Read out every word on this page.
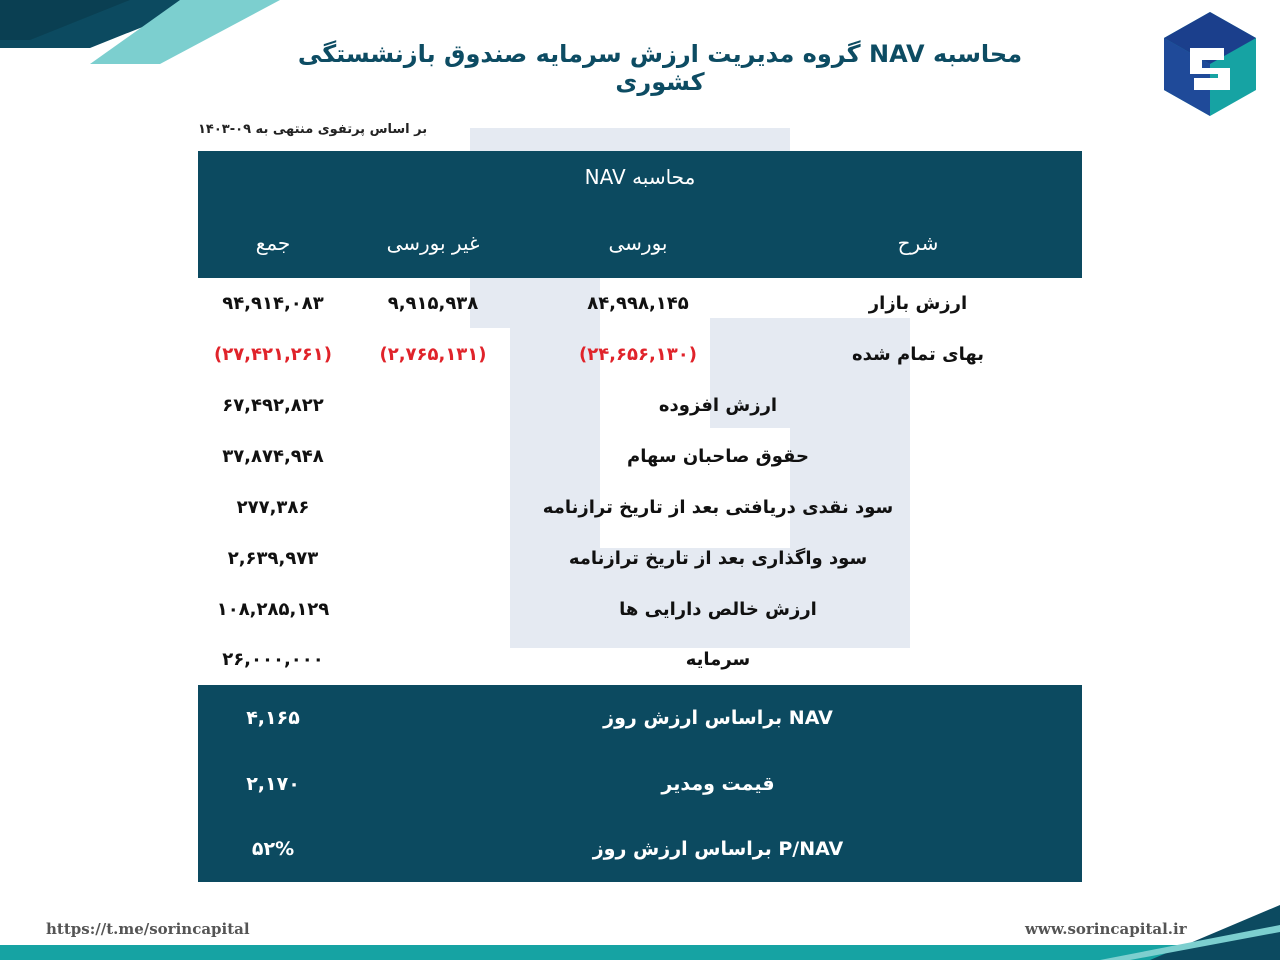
محاسبه NAV گروه مدیریت ارزش سرمایه صندوق بازنشستگی کشوری
بر اساس پرتفوی منتهی به ۰۹-۱۴۰۳
محاسبه NAV
شرح
بورسی
غیر بورسی
جمع
ارزش بازار
۸۴,۹۹۸,۱۴۵
۹,۹۱۵,۹۳۸
۹۴,۹۱۴,۰۸۳
بهای تمام شده
(۲۴,۶۵۶,۱۳۰)
(۲,۷۶۵,۱۳۱)
(۲۷,۴۲۱,۲۶۱)
ارزش افزوده
۶۷,۴۹۲,۸۲۲
حقوق صاحبان سهام
۳۷,۸۷۴,۹۴۸
سود نقدی دریافتی بعد از تاریخ ترازنامه
۲۷۷,۳۸۶
سود واگذاری بعد از تاریخ ترازنامه
۲,۶۳۹,۹۷۳
ارزش خالص دارایی ها
۱۰۸,۲۸۵,۱۲۹
سرمایه
۲۶,۰۰۰,۰۰۰
NAV براساس ارزش روز
۴,۱۶۵
قیمت ومدیر
۲,۱۷۰
P/NAV براساس ارزش روز
۵۲%
https://t.me/sorincapital	www.sorincapital.ir
